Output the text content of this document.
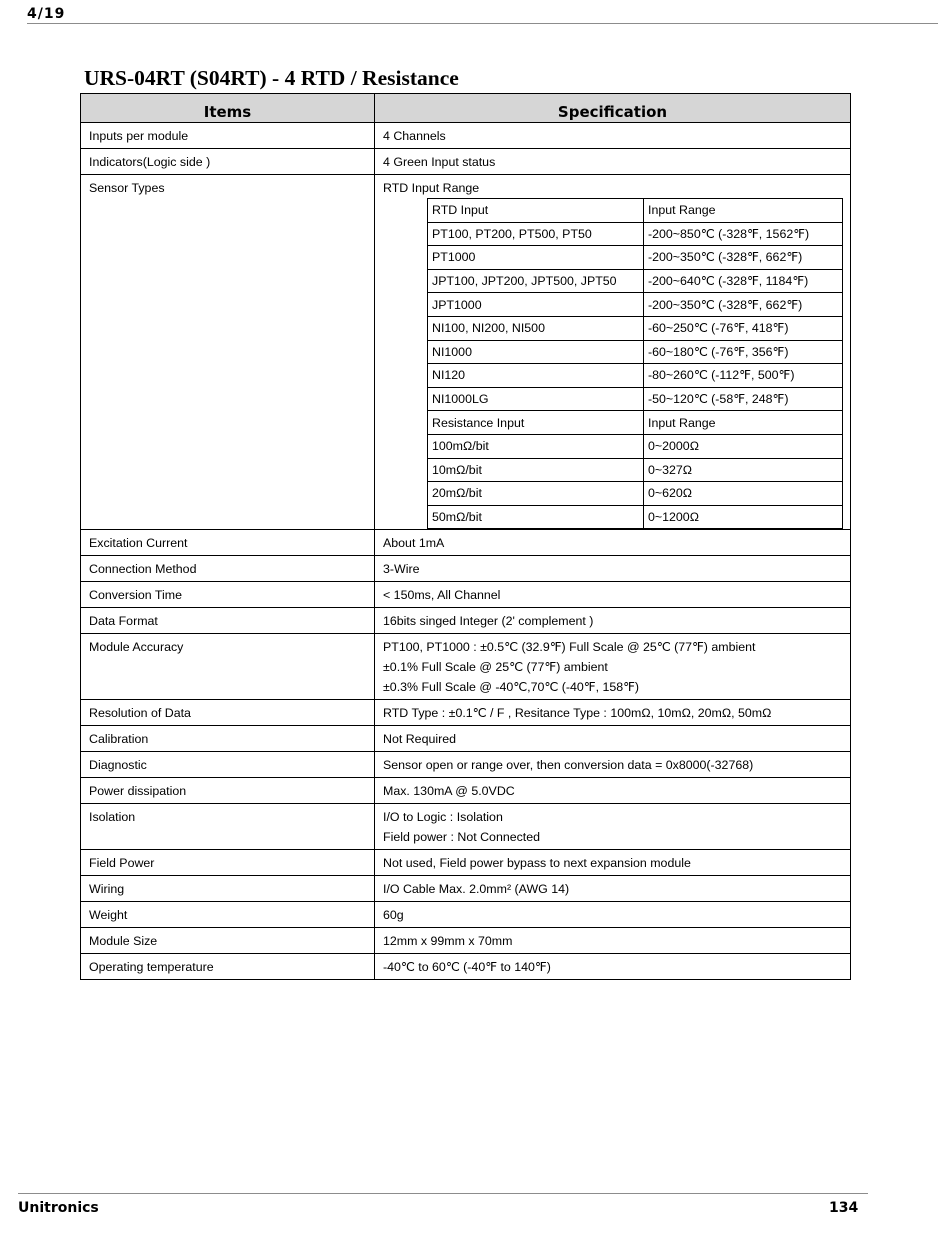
4/19
URS-04RT (S04RT) - 4 RTD / Resistance
Items	Specification
Inputs per module	4 Channels

Indicators(Logic side )	4 Green Input status

Sensor Types	RTD Input Range
RTD Input	Input Range
PT100, PT200, PT500, PT50	-200~850℃ (-328℉, 1562℉)
PT1000	-200~350℃ (-328℉, 662℉)
JPT100, JPT200, JPT500, JPT50	-200~640℃ (-328℉, 1184℉)
JPT1000	-200~350℃ (-328℉, 662℉)
NI100, NI200, NI500	-60~250℃ (-76℉, 418℉)
NI1000	-60~180℃ (-76℉, 356℉)
NI120	-80~260℃ (-112℉, 500℉)
NI1000LG	-50~120℃ (-58℉, 248℉)
Resistance Input	Input Range
100mΩ/bit	0~2000Ω
10mΩ/bit	0~327Ω
20mΩ/bit	0~620Ω
50mΩ/bit	0~1200Ω

Excitation Current	About 1mA

Connection Method	3-Wire

Conversion Time	< 150ms, All Channel

Data Format	16bits singed Integer (2' complement )

Module Accuracy	PT100, PT1000 : ±0.5℃ (32.9℉) Full Scale @ 25℃ (77℉) ambient
±0.1% Full Scale @ 25℃ (77℉) ambient
±0.3% Full Scale @ -40℃,70℃ (-40℉, 158℉)

Resolution of Data	RTD Type : ±0.1℃ / F , Resitance Type : 100mΩ, 10mΩ, 20mΩ, 50mΩ

Calibration	Not Required

Diagnostic	Sensor open or range over, then conversion data = 0x8000(-32768)

Power dissipation	Max. 130mA @ 5.0VDC

Isolation	I/O to Logic : Isolation
Field power : Not Connected

Field Power	Not used, Field power bypass to next expansion module

Wiring	I/O Cable Max. 2.0mm² (AWG 14)

Weight	60g

Module Size	12mm x 99mm x 70mm

Operating temperature	-40℃ to 60℃ (-40℉ to 140℉)
Unitronics	134
